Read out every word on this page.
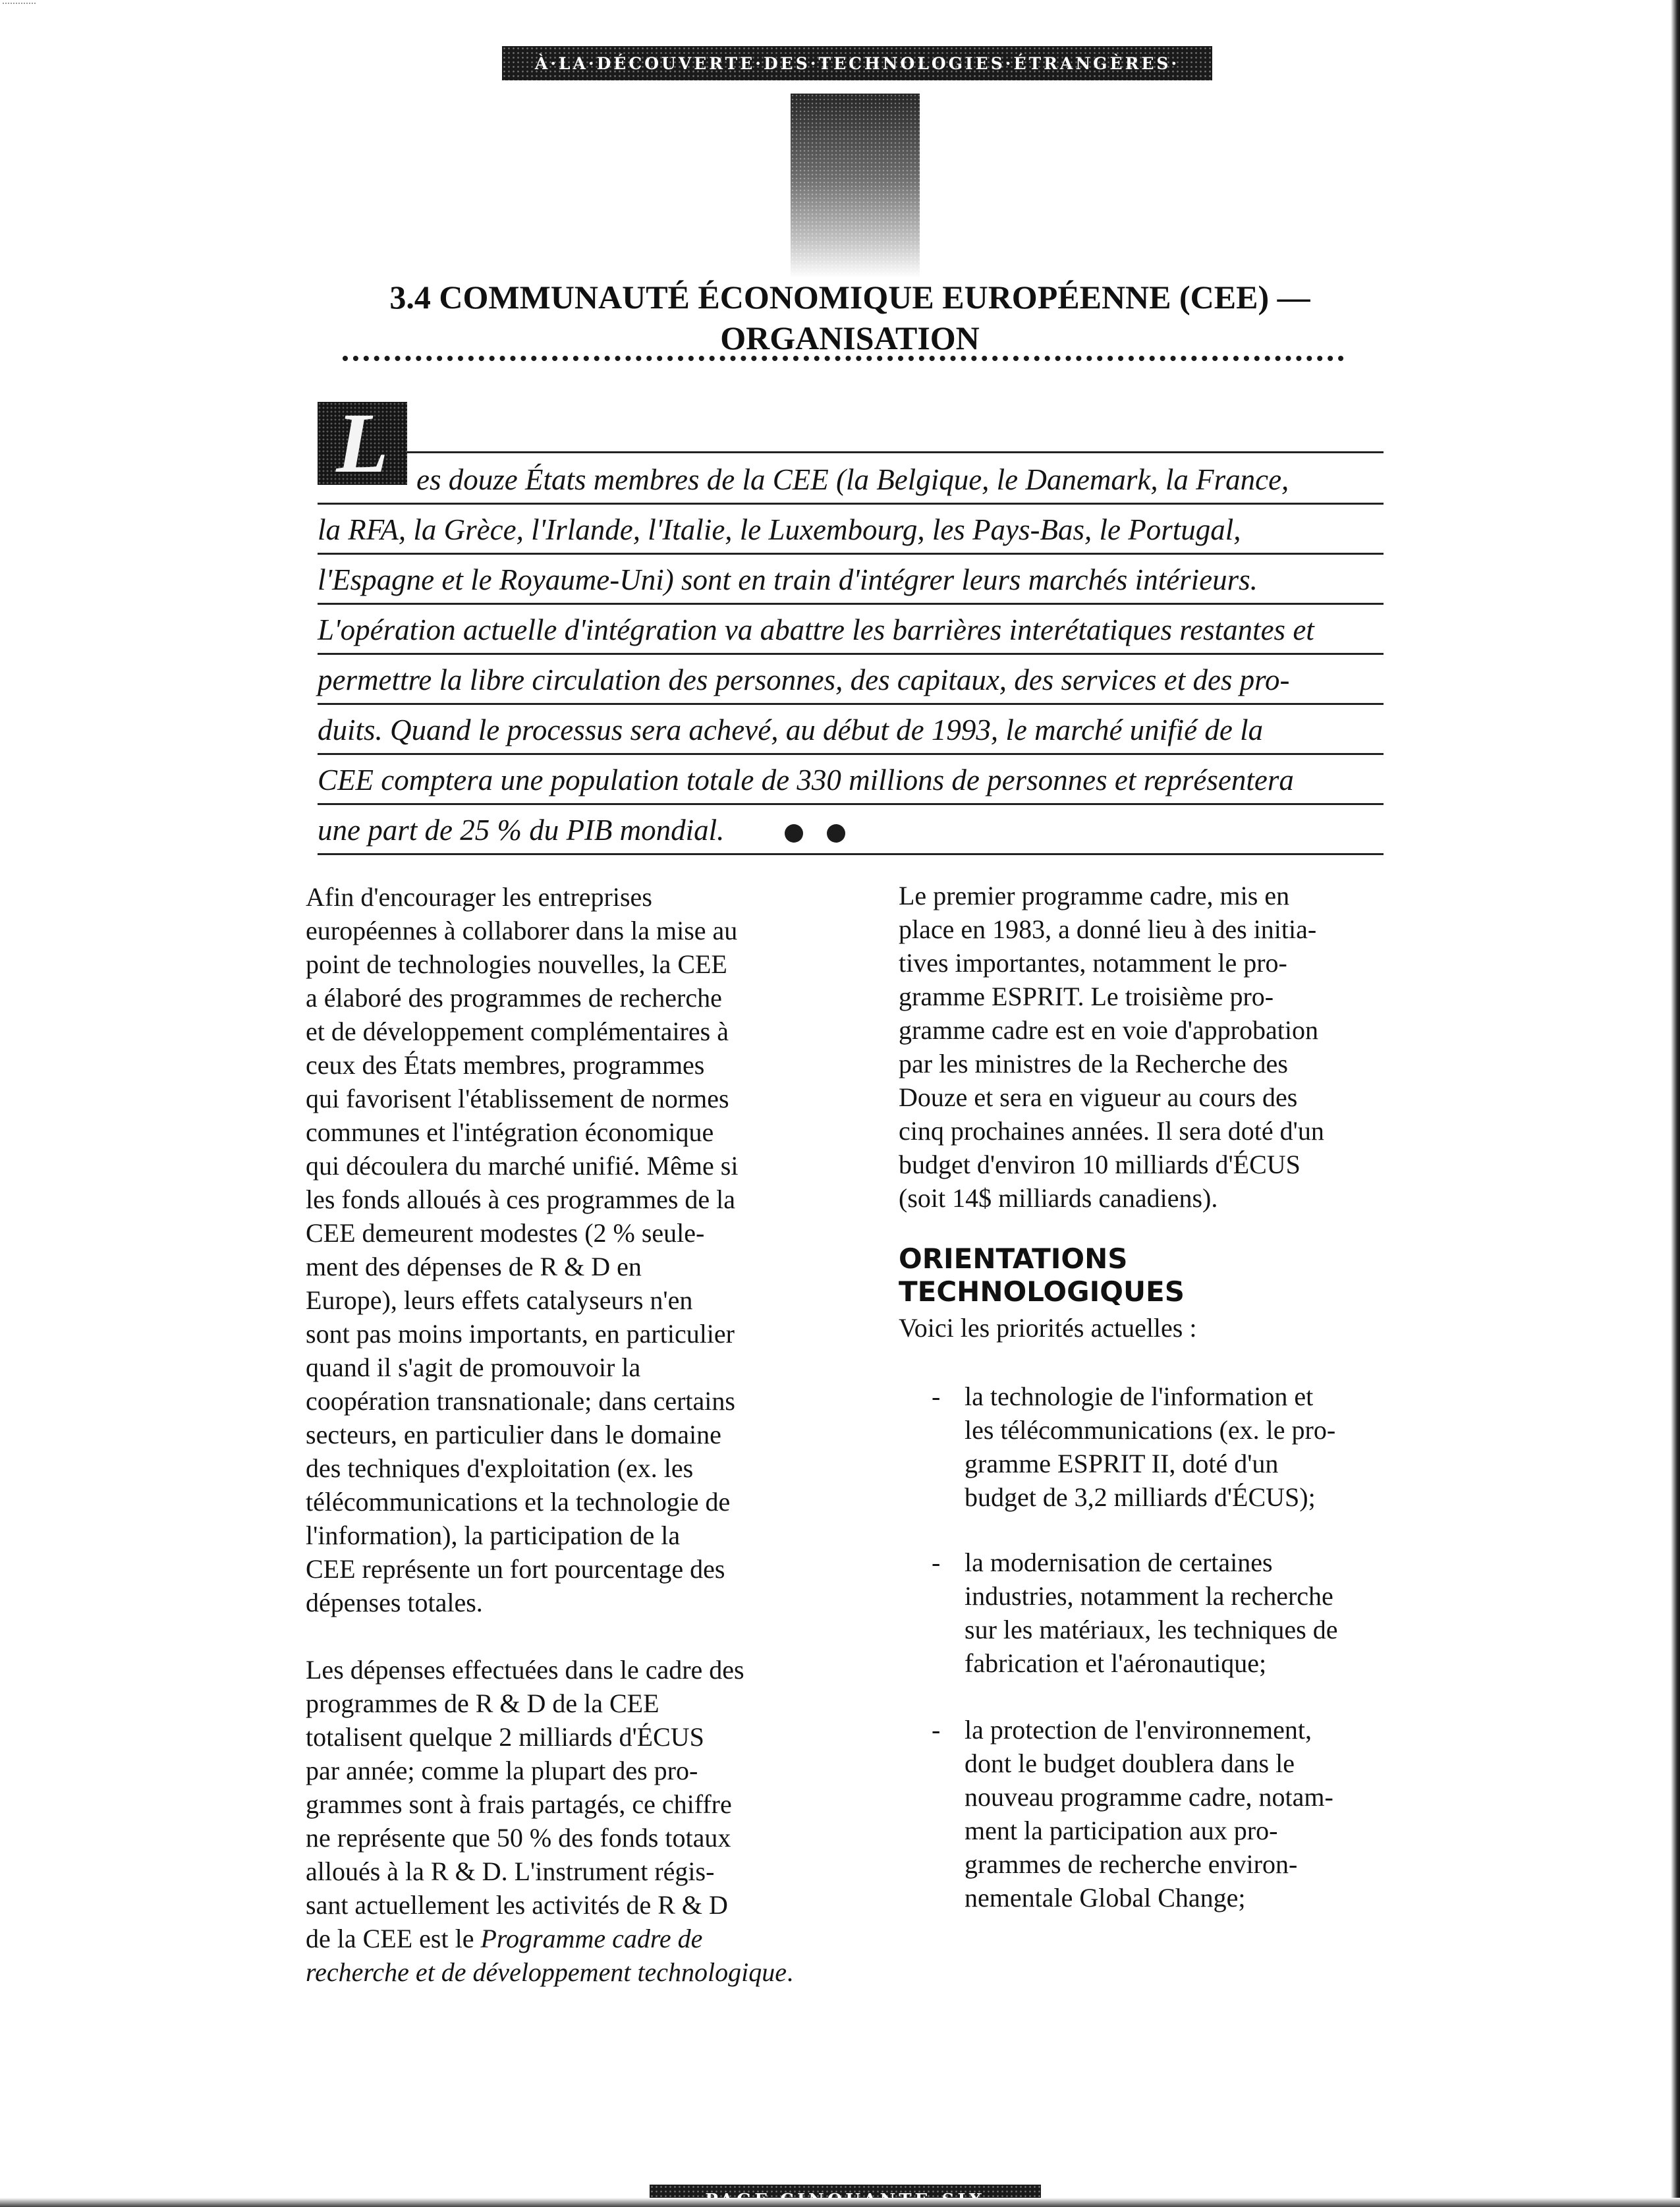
À·LA·DÉCOUVERTE·DES·TECHNOLOGIES·ÉTRANGÈRES·
3.4 COMMUNAUTÉ ÉCONOMIQUE EUROPÉENNE (CEE) —
ORGANISATION
L es douze États membres de la CEE (la Belgique, le Danemark, la France,
la RFA, la Grèce, l'Irlande, l'Italie, le Luxembourg, les Pays-Bas, le Portugal,
l'Espagne et le Royaume-Uni) sont en train d'intégrer leurs marchés intérieurs.
L'opération actuelle d'intégration va abattre les barrières interétatiques restantes et
permettre la libre circulation des personnes, des capitaux, des services et des pro-
duits. Quand le processus sera achevé, au début de 1993, le marché unifié de la
CEE comptera une population totale de 330 millions de personnes et représentera
une part de 25 % du PIB mondial.

Afin d'encourager les entreprises

européennes à collaborer dans la mise au

point de technologies nouvelles, la CEE

a élaboré des programmes de recherche

et de développement complémentaires à

ceux des États membres, programmes

qui favorisent l'établissement de normes

communes et l'intégration économique

qui découlera du marché unifié. Même si

les fonds alloués à ces programmes de la

CEE demeurent modestes (2 % seule-

ment des dépenses de R & D en

Europe), leurs effets catalyseurs n'en

sont pas moins importants, en particulier

quand il s'agit de promouvoir la

coopération transnationale; dans certains

secteurs, en particulier dans le domaine

des techniques d'exploitation (ex. les

télécommunications et la technologie de

l'information), la participation de la

CEE représente un fort pourcentage des

dépenses totales.

Les dépenses effectuées dans le cadre des

programmes de R & D de la CEE

totalisent quelque 2 milliards d'ÉCUS

par année; comme la plupart des pro-

grammes sont à frais partagés, ce chiffre

ne représente que 50 % des fonds totaux

alloués à la R & D. L'instrument régis-

sant actuellement les activités de R & D

de la CEE est le Programme cadre de

recherche et de développement technologique.

Le premier programme cadre, mis en

place en 1983, a donné lieu à des initia-

tives importantes, notamment le pro-

gramme ESPRIT. Le troisième pro-

gramme cadre est en voie d'approbation

par les ministres de la Recherche des

Douze et sera en vigueur au cours des

cinq prochaines années. Il sera doté d'un

budget d'environ 10 milliards d'ÉCUS

(soit 14$ milliards canadiens).

ORIENTATIONS
TECHNOLOGIQUES

Voici les priorités actuelles :

- la technologie de l'information et

les télécommunications (ex. le pro-

gramme ESPRIT II, doté d'un

budget de 3,2 milliards d'ÉCUS);

- la modernisation de certaines

industries, notamment la recherche

sur les matériaux, les techniques de

fabrication et l'aéronautique;

- la protection de l'environnement,

dont le budget doublera dans le

nouveau programme cadre, notam-

ment la participation aux pro-

grammes de recherche environ-

nementale Global Change;
